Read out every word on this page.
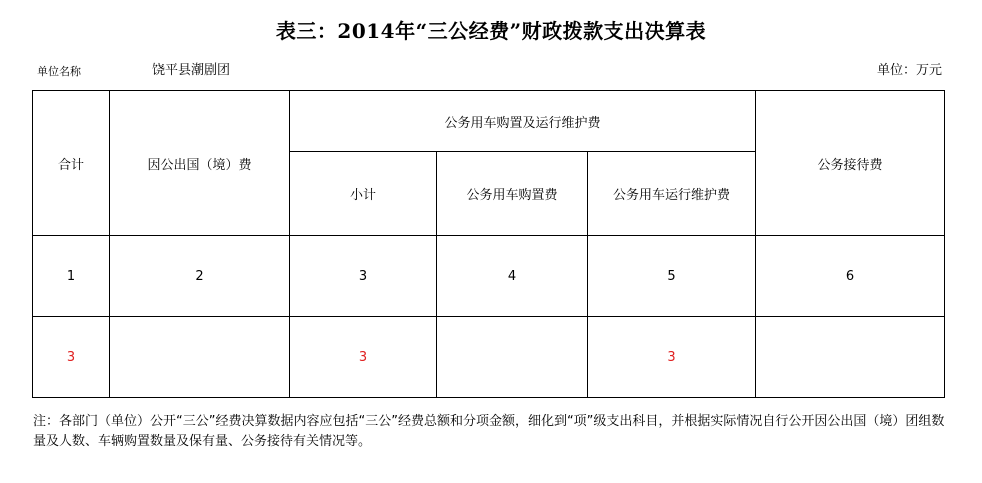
表三：2014年“三公经费”财政拨款支出决算表
单位名称	饶平县潮剧团	单位：万元
合计	因公出国（境）费	公务用车购置及运行维护费			公务接待费
		小计	公务用车购置费	公务用车运行维护费	
1	2	3	4	5	6
3		3		3	
注：各部门（单位）公开“三公”经费决算数据内容应包括“三公”经费总额和分项金额，细化到“项”级支出科目，并根据实际情况自行公开因公出国（境）团组数量及人数、车辆购置数量及保有量、公务接待有关情况等。
